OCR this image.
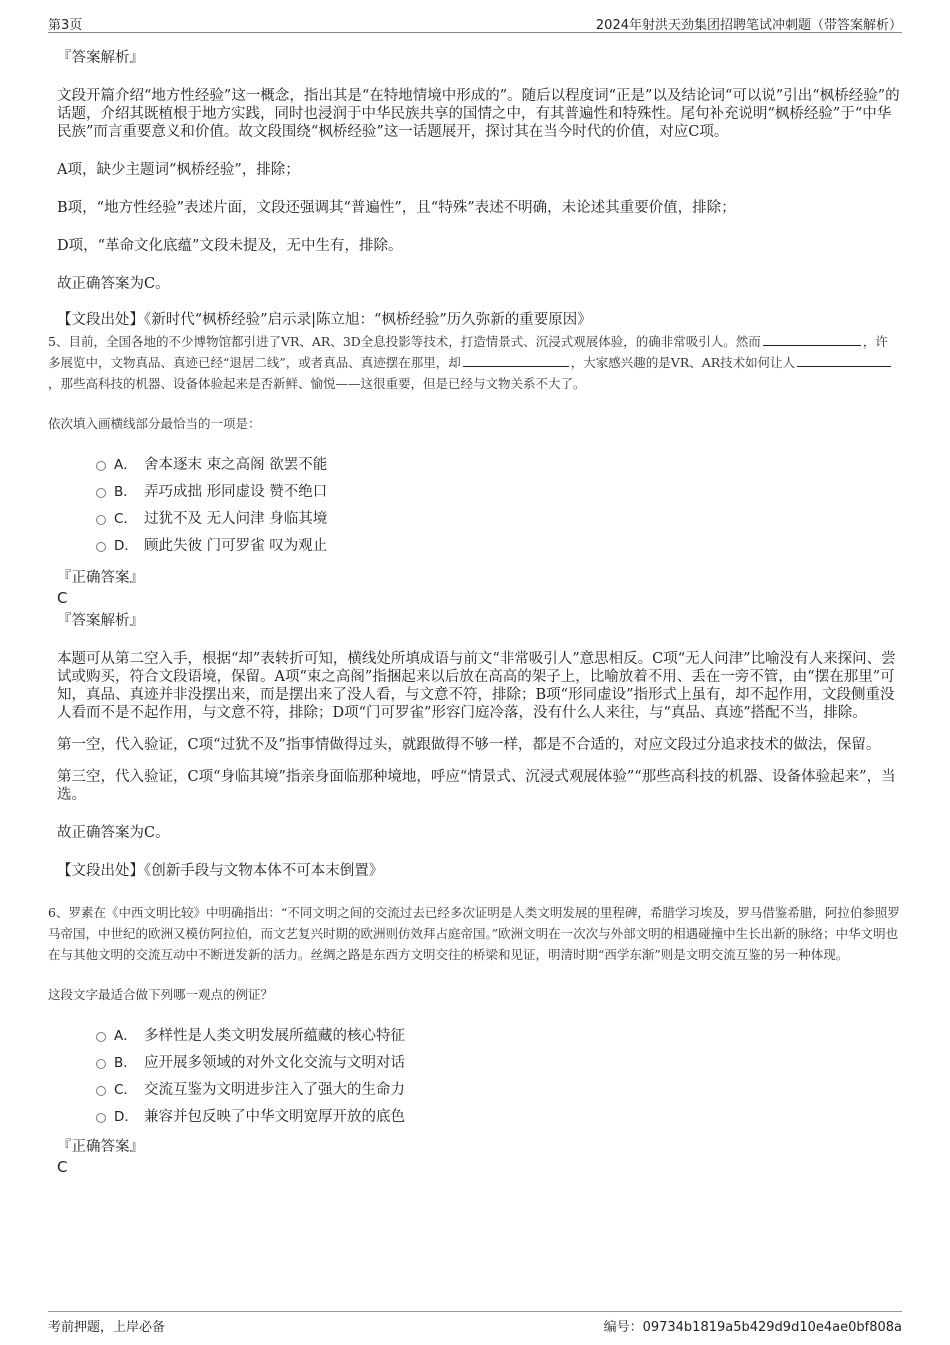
第3页	2024年射洪天劲集团招聘笔试冲刺题（带答案解析）
『答案解析』
文段开篇介绍“地方性经验”这一概念，指出其是“在特地情境中形成的”。随后以程度词“正是”以及结论词“可以说”引出“枫桥经验”的话题，介绍其既植根于地方实践，同时也浸润于中华民族共享的国情之中，有其普遍性和特殊性。尾句补充说明“枫桥经验”于“中华民族”而言重要意义和价值。故文段围绕“枫桥经验”这一话题展开，探讨其在当今时代的价值，对应C项。
A项，缺少主题词“枫桥经验”，排除；
B项，“地方性经验”表述片面，文段还强调其“普遍性”，且“特殊”表述不明确，未论述其重要价值，排除；
D项，“革命文化底蕴”文段未提及，无中生有，排除。
故正确答案为C。
【文段出处】《新时代“枫桥经验”启示录|陈立旭：“枫桥经验”历久弥新的重要原因》
5、目前，全国各地的不少博物馆都引进了VR、AR、3D全息投影等技术，打造情景式、沉浸式观展体验，的确非常吸引人。然而	，许多展览中，文物真品、真迹已经“退居二线”，或者真品、真迹摆在那里，却	，大家感兴趣的是VR、AR技术如何让人，那些高科技的机器、设备体验起来是否新鲜、愉悦——这很重要，但是已经与文物关系不大了。
依次填入画横线部分最恰当的一项是：
A． 舍本逐末 束之高阁 欲罢不能
B． 弄巧成拙 形同虚设 赞不绝口
C． 过犹不及 无人问津 身临其境
D． 顾此失彼 门可罗雀 叹为观止
『正确答案』
C
『答案解析』
本题可从第二空入手，根据“却”表转折可知，横线处所填成语与前文“非常吸引人”意思相反。C项“无人问津”比喻没有人来探问、尝试或购买，符合文段语境，保留。A项“束之高阁”指捆起来以后放在高高的架子上，比喻放着不用、丢在一旁不管，由“摆在那里”可知，真品、真迹并非没摆出来，而是摆出来了没人看，与文意不符，排除；B项“形同虚设”指形式上虽有，却不起作用，文段侧重没人看而不是不起作用，与文意不符，排除；D项“门可罗雀”形容门庭冷落，没有什么人来往，与“真品、真迹”搭配不当，排除。
第一空，代入验证，C项“过犹不及”指事情做得过头，就跟做得不够一样，都是不合适的，对应文段过分追求技术的做法，保留。
第三空，代入验证，C项“身临其境”指亲身面临那种境地，呼应“情景式、沉浸式观展体验”“那些高科技的机器、设备体验起来”，当选。
故正确答案为C。
【文段出处】《创新手段与文物本体不可本末倒置》
6、罗素在《中西文明比较》中明确指出：“不同文明之间的交流过去已经多次证明是人类文明发展的里程碑，希腊学习埃及，罗马借鉴希腊，阿拉伯参照罗马帝国，中世纪的欧洲又模仿阿拉伯，而文艺复兴时期的欧洲则仿效拜占庭帝国。”欧洲文明在一次次与外部文明的相遇碰撞中生长出新的脉络；中华文明也在与其他文明的交流互动中不断迸发新的活力。丝绸之路是东西方文明交往的桥梁和见证，明清时期“西学东渐”则是文明交流互鉴的另一种体现。
这段文字最适合做下列哪一观点的例证？
A． 多样性是人类文明发展所蕴藏的核心特征
B． 应开展多领域的对外文化交流与文明对话
C． 交流互鉴为文明进步注入了强大的生命力
D． 兼容并包反映了中华文明宽厚开放的底色
『正确答案』
C
考前押题，上岸必备	编号：09734b1819a5b429d9d10e4ae0bf808a
